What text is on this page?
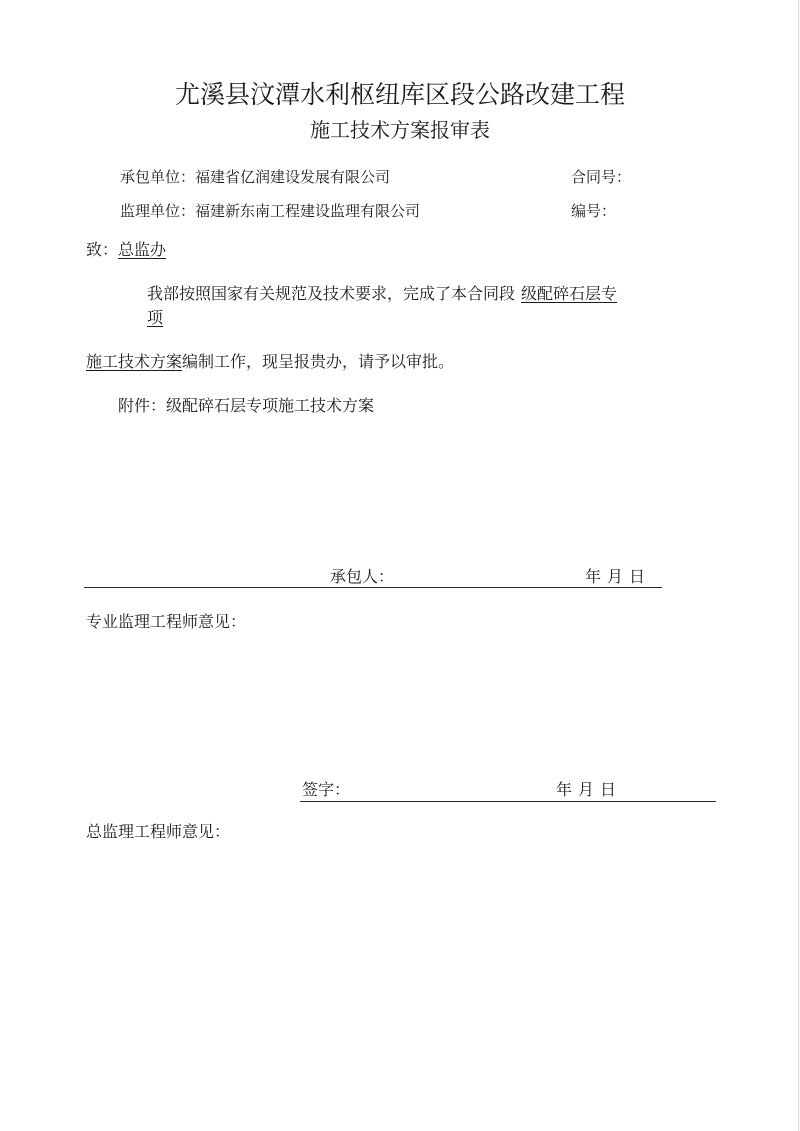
尤溪县汶潭水利枢纽库区段公路改建工程
施工技术方案报审表
承包单位：福建省亿润建设发展有限公司	合同号：
监理单位：福建新东南工程建设监理有限公司	编号：
致：总监办
我部按照国家有关规范及技术要求，完成了本合同段 级配碎石层专
项
施工技术方案编制工作，现呈报贵办，请予以审批。
附件：级配碎石层专项施工技术方案
承包人：	年 月 日
专业监理工程师意见：
签字：	年 月 日
总监理工程师意见：
